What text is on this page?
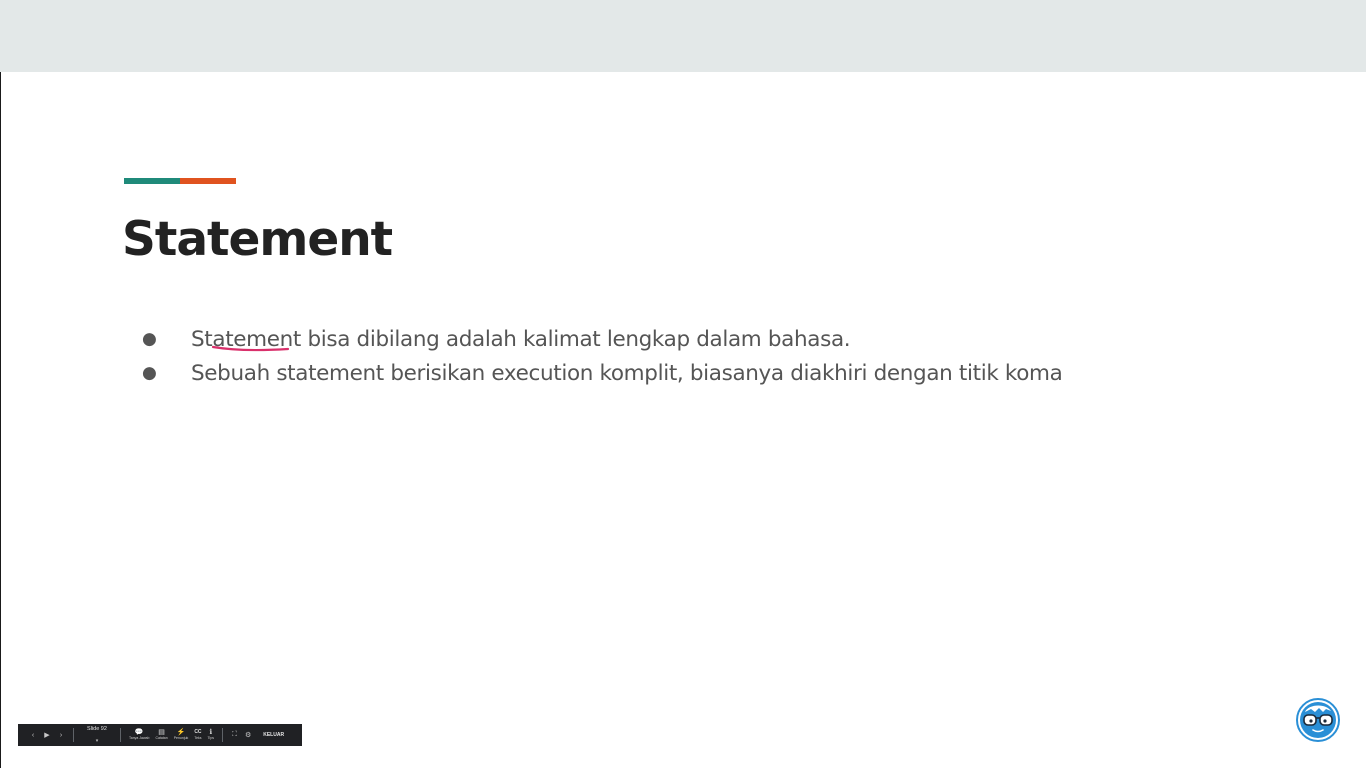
Statement
●	Statement bisa dibilang adalah kalimat lengkap dalam bahasa.
●	Sebuah statement berisikan execution komplit, biasanya diakhiri dengan titik koma
‹	▶	›
Slide 92
▾
💬
Tanya Jawab
▤
Catatan
⚡
Penunjuk
CC
Teks
ℹ
Tips	⛶ ⚙ KELUAR
